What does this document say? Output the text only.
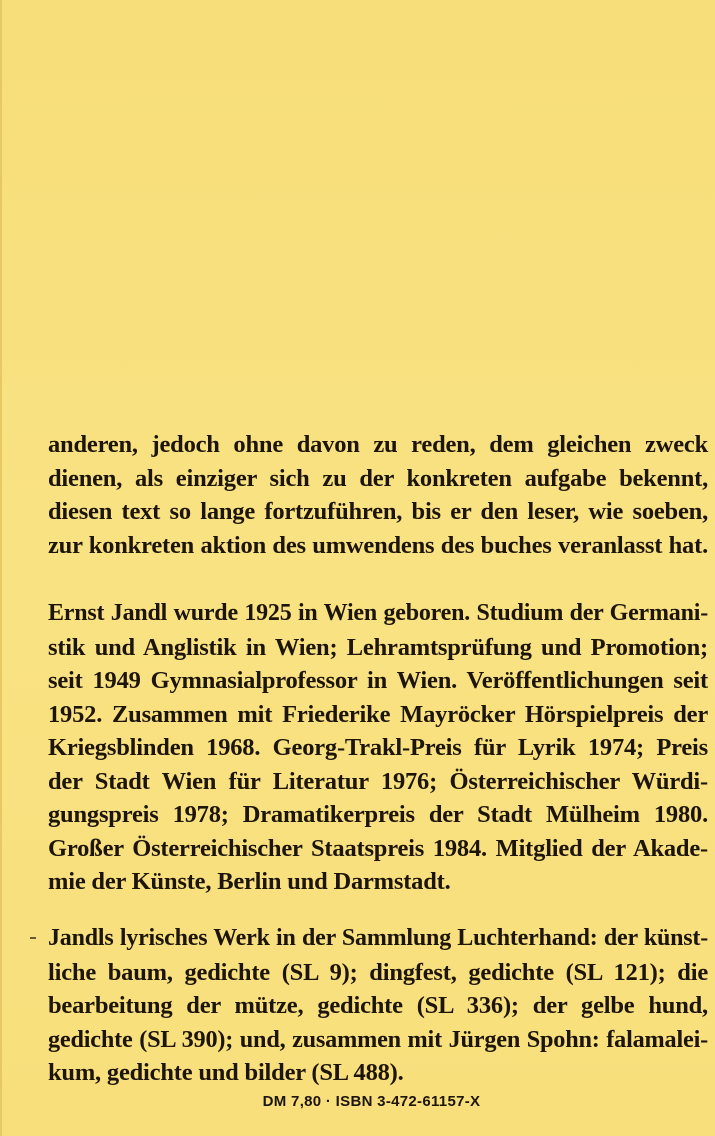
anderen, jedoch ohne davon zu reden, dem gleichen zweck
dienen, als einziger sich zu der konkreten aufgabe bekennt,
diesen text so lange fortzuführen, bis er den leser, wie soeben,
zur konkreten aktion des umwendens des buches veranlasst hat.

Ernst Jandl wurde 1925 in Wien geboren. Studium der Germani-
stik und Anglistik in Wien; Lehramtsprüfung und Promotion;
seit 1949 Gymnasialprofessor in Wien. Veröffentlichungen seit
1952. Zusammen mit Friederike Mayröcker Hörspielpreis der
Kriegsblinden 1968. Georg-Trakl-Preis für Lyrik 1974; Preis
der Stadt Wien für Literatur 1976; Österreichischer Würdi-
gungspreis 1978; Dramatikerpreis der Stadt Mülheim 1980.
Großer Österreichischer Staatspreis 1984. Mitglied der Akade-
mie der Künste, Berlin und Darmstadt.

Jandls lyrisches Werk in der Sammlung Luchterhand: der künst-
liche baum, gedichte (SL 9); dingfest, gedichte (SL 121); die
bearbeitung der mütze, gedichte (SL 336); der gelbe hund,
gedichte (SL 390); und, zusammen mit Jürgen Spohn: falamalei-
kum, gedichte und bilder (SL 488).

DM 7,80 · ISBN 3-472-61157-X
